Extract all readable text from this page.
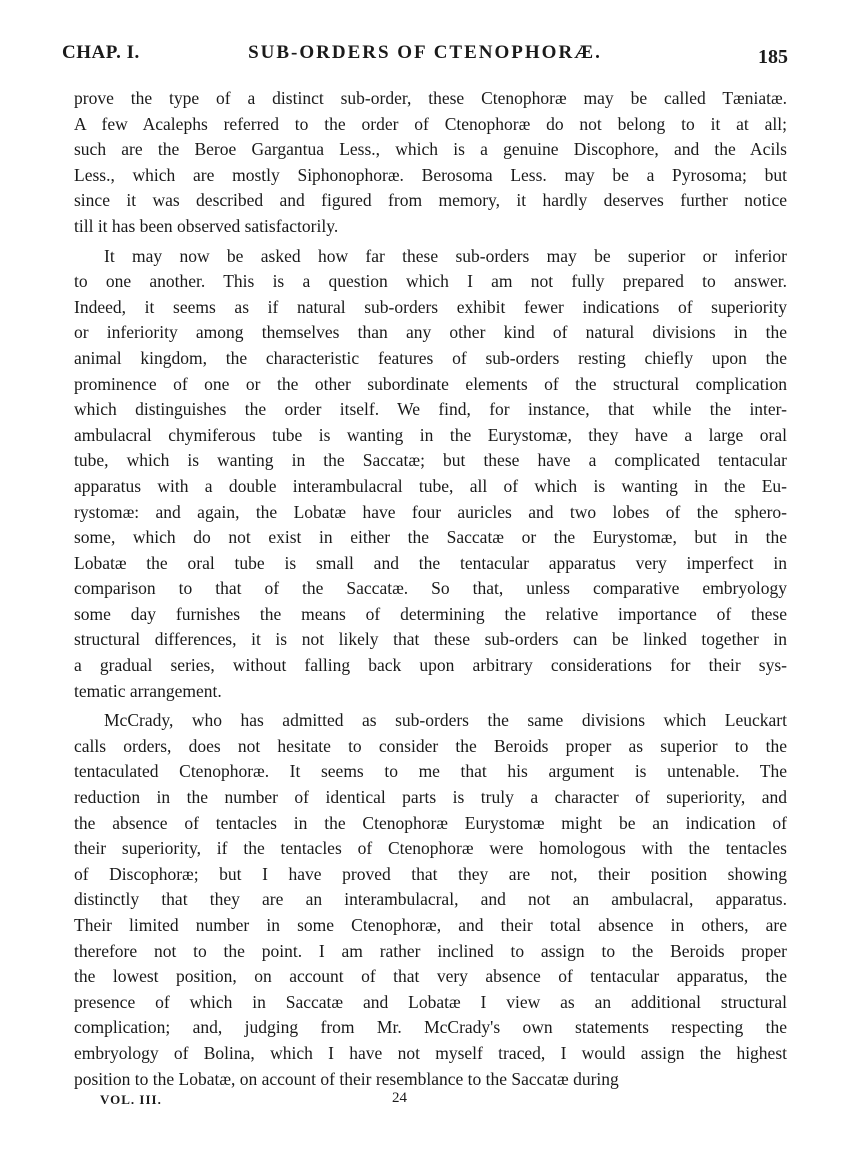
CHAP. I.	SUB-ORDERS OF CTENOPHORÆ.	185
prove the type of a distinct sub-order, these Ctenophoræ may be called Tæniatæ.
A few Acalephs referred to the order of Ctenophoræ do not belong to it at all;
such are the Beroe Gargantua Less., which is a genuine Discophore, and the Acils
Less., which are mostly Siphonophoræ. Berosoma Less. may be a Pyrosoma; but
since it was described and figured from memory, it hardly deserves further notice
till it has been observed satisfactorily.
It may now be asked how far these sub-orders may be superior or inferior
to one another. This is a question which I am not fully prepared to answer.
Indeed, it seems as if natural sub-orders exhibit fewer indications of superiority
or inferiority among themselves than any other kind of natural divisions in the
animal kingdom, the characteristic features of sub-orders resting chiefly upon the
prominence of one or the other subordinate elements of the structural complication
which distinguishes the order itself. We find, for instance, that while the inter-
ambulacral chymiferous tube is wanting in the Eurystomæ, they have a large oral
tube, which is wanting in the Saccatæ; but these have a complicated tentacular
apparatus with a double interambulacral tube, all of which is wanting in the Eu-
rystomæ: and again, the Lobatæ have four auricles and two lobes of the sphero-
some, which do not exist in either the Saccatæ or the Eurystomæ, but in the
Lobatæ the oral tube is small and the tentacular apparatus very imperfect in
comparison to that of the Saccatæ. So that, unless comparative embryology
some day furnishes the means of determining the relative importance of these
structural differences, it is not likely that these sub-orders can be linked together in
a gradual series, without falling back upon arbitrary considerations for their sys-
tematic arrangement.
McCrady, who has admitted as sub-orders the same divisions which Leuckart
calls orders, does not hesitate to consider the Beroids proper as superior to the
tentaculated Ctenophoræ. It seems to me that his argument is untenable. The
reduction in the number of identical parts is truly a character of superiority, and
the absence of tentacles in the Ctenophoræ Eurystomæ might be an indication of
their superiority, if the tentacles of Ctenophoræ were homologous with the tentacles
of Discophoræ; but I have proved that they are not, their position showing
distinctly that they are an interambulacral, and not an ambulacral, apparatus.
Their limited number in some Ctenophoræ, and their total absence in others, are
therefore not to the point. I am rather inclined to assign to the Beroids proper
the lowest position, on account of that very absence of tentacular apparatus, the
presence of which in Saccatæ and Lobatæ I view as an additional structural
complication; and, judging from Mr. McCrady's own statements respecting the
embryology of Bolina, which I have not myself traced, I would assign the highest
position to the Lobatæ, on account of their resemblance to the Saccatæ during
VOL. III.	24
